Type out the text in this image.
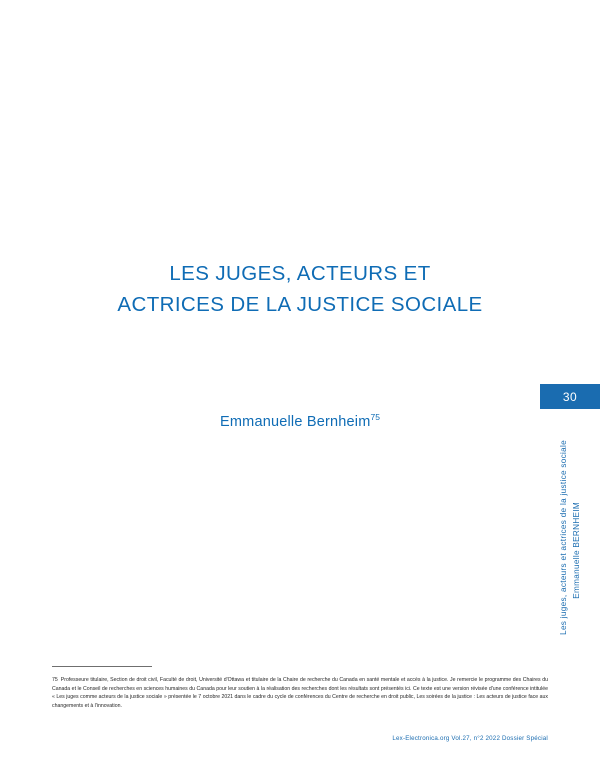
LES JUGES, ACTEURS ET
ACTRICES DE LA JUSTICE SOCIALE
Emmanuelle Bernheim$^{75}$
30
Les juges, acteurs et actrices de la justice sociale Emmanuelle BERNHEIM
75 Professeure titulaire, Section de droit civil, Faculté de droit, Université d'Ottawa et titulaire de la Chaire de recherche du Canada en santé mentale et accès à la justice. Je remercie le programme des Chaires du Canada et le Conseil de recherches en sciences humaines du Canada pour leur soutien à la réalisation des recherches dont les résultats sont présentés ici. Ce texte est une version révisée d'une conférence intitulée « Les juges comme acteurs de la justice sociale » présentée le 7 octobre 2021 dans le cadre du cycle de conférences du Centre de recherche en droit public, Les soirées de la justice : Les acteurs de justice face aux changements et à l'innovation.
Lex-Electronica.org Vol.27, n°2 2022 Dossier Spécial
